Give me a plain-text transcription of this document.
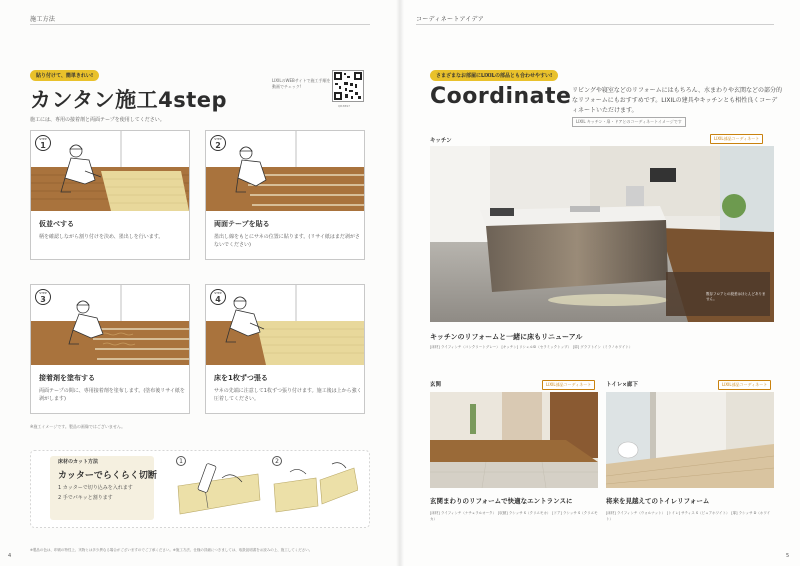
施工方法
貼り付けて、簡単きれい!
カンタン施工4step
LIXILのWEBサイトで施工手順を動画でチェック!
QR3897
施工には、専用の接着剤と両面テープを使用してください。
STEP
1
仮並べする
柄を確認しながら割り付けを決め、墨出しを行います。
STEP
2
両面テープを貼る
墨出し線をもとにサネの位置に貼ります。(リサイ紙はまだ剥がさないでください)
STEP
3
接着剤を塗布する
両面テープの間に、専用接着剤を塗布します。(塗布後リサイ紙を剥がします)
STEP
4
床を1枚ずつ張る
サネの先端に注意して1枚ずつ張り付けます。施工後は上から強く圧着してください。
※施工イメージです。製品の画像ではございません。
床材のカット方法
カッターでらくらく切断
1 カッターで切り込みを入れます
2 手でパキッと割ります
1	2
※製品の色は、印刷の特性上、実物とは多少異なる場合がございますのでご了承ください。※施工方法、仕様の詳細につきましては、取扱説明書をお読みの上、施工してください。
4
コーディネートアイデア
さまざまなお部屋にLIXILの部品とも合わせやすい!
Coordinate リビングや寝室などのリフォームにはもちろん、水まわりや玄関などの部分的なリフォームにもおすすめです。LIXILの建具やキッチンとも相性良くコーディネートいただけます。
LIXIL キッチン・扉・ドアとのコーディネートイメージです
キッチン
既存フロアとの段差はほとんどありません。
LIXIL部品コーディネート
キッチンのリフォームと一緒に床もリニューアル
[床材] ライフィンチ（コンクリートグレー）　[キッチン] リシェルSI（セラミックトップ）　[扉] グラフトイン（ミラノホワイト）
玄関	LIXIL部品コーディネート
玄関まわりのリフォームで快適なエントランスに
[床材] ライフィンチ（ナチュラルオーク）　[収納] ラシッサ S（クリエモカ）　[ドア] ラシッサ S（クリエモカ）
トイレ×廊下	LIXIL部品コーディネート
将来を見越えてのトイレリフォーム
[床材] ライフィンチ（ウォルナット）　[トイレ] サティス S（ピュアホワイト）　[扉] ラシッサ D（ホワイト）
5
